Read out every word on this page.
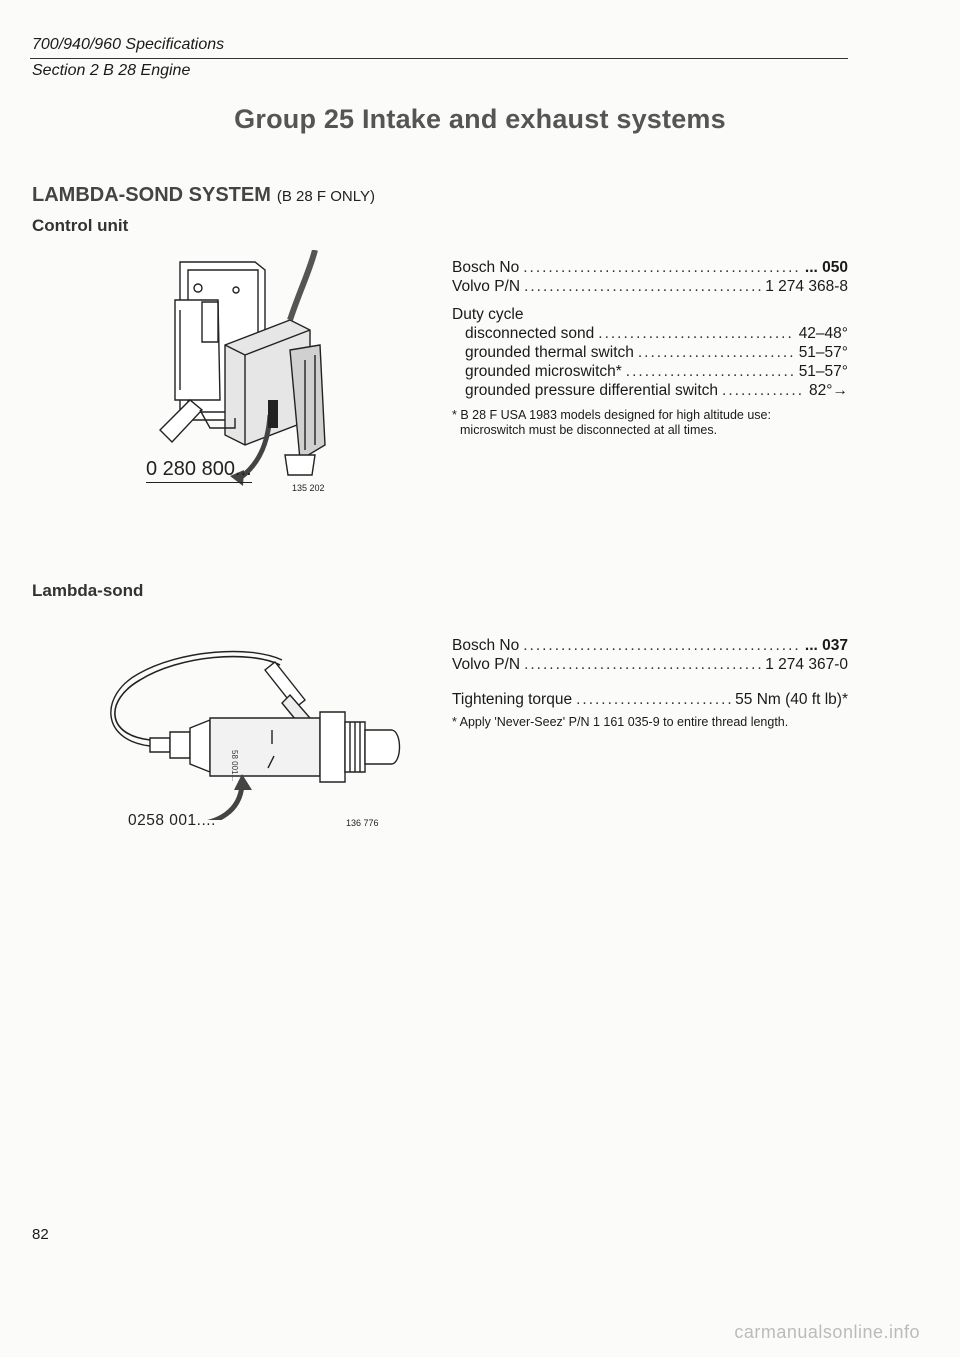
700/940/960 Specifications
Section 2 B 28 Engine
Group 25 Intake and exhaust systems
LAMBDA-SOND SYSTEM (B 28 F ONLY)
Control unit
0 280 800...
135 202
Bosch No .....	... 050
Volvo P/N .....	1 274 368-8
Duty cycle
disconnected sond .....	42–48°
grounded thermal switch .....	51–57°
grounded microswitch* .....	51–57°
grounded pressure differential switch .....	82°→
* B 28 F USA 1983 models designed for high altitude use:
microswitch must be disconnected at all times.
Lambda-sond
58 001...
0258 001....	136 776
Bosch No .....	... 037
Volvo P/N .....	1 274 367-0
Tightening torque .....	55 Nm (40 ft lb)*
* Apply 'Never-Seez' P/N 1 161 035-9 to entire thread length.
82
carmanualsonline.info
